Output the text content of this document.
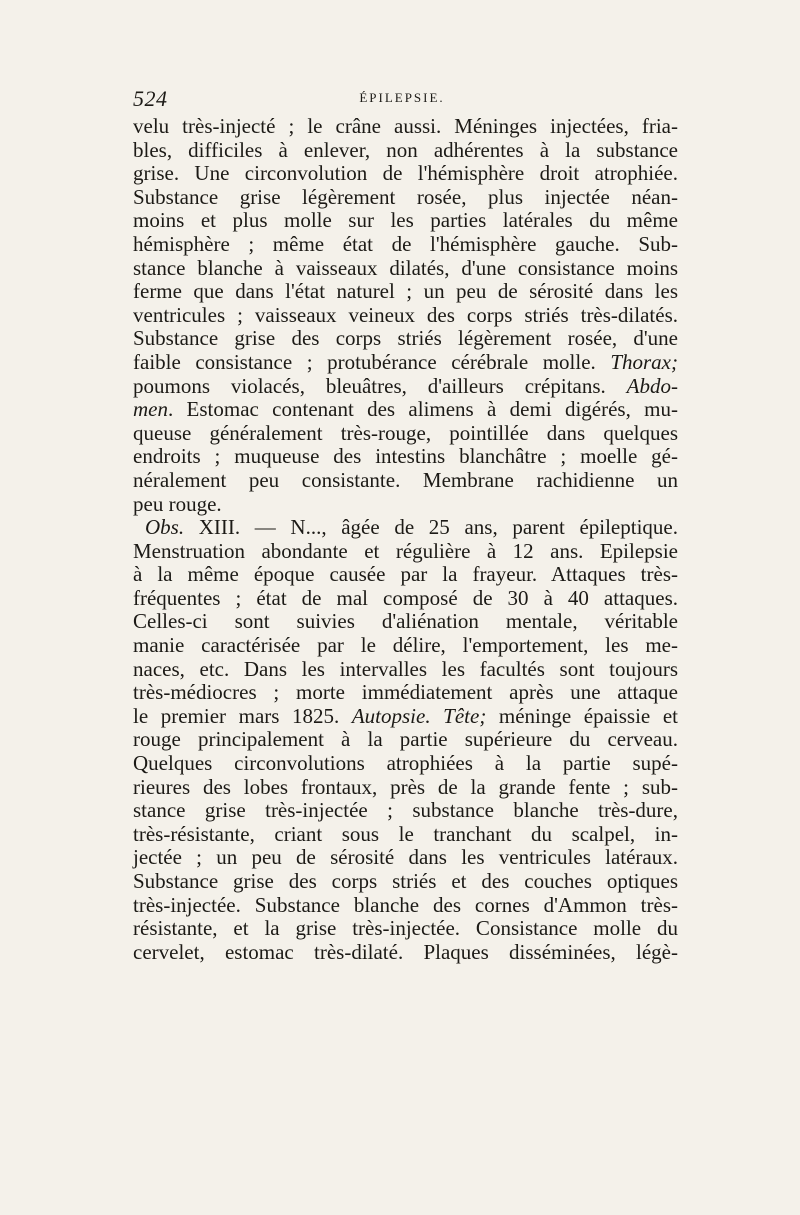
524	ÉPILEPSIE.
velu très-injecté ; le crâne aussi. Méninges injectées, fria-
bles, difficiles à enlever, non adhérentes à la substance
grise. Une circonvolution de l'hémisphère droit atrophiée.
Substance grise légèrement rosée, plus injectée néan-
moins et plus molle sur les parties latérales du même
hémisphère ; même état de l'hémisphère gauche. Sub-
stance blanche à vaisseaux dilatés, d'une consistance moins
ferme que dans l'état naturel ; un peu de sérosité dans les
ventricules ; vaisseaux veineux des corps striés très-dilatés.
Substance grise des corps striés légèrement rosée, d'une
faible consistance ; protubérance cérébrale molle. Thorax;
poumons violacés, bleuâtres, d'ailleurs crépitans. Abdo-
men. Estomac contenant des alimens à demi digérés, mu-
queuse généralement très-rouge, pointillée dans quelques
endroits ; muqueuse des intestins blanchâtre ; moelle gé-
néralement peu consistante. Membrane rachidienne un
peu rouge.
Obs. XIII. — N..., âgée de 25 ans, parent épileptique.
Menstruation abondante et régulière à 12 ans. Epilepsie
à la même époque causée par la frayeur. Attaques très-
fréquentes ; état de mal composé de 30 à 40 attaques.
Celles-ci sont suivies d'aliénation mentale, véritable
manie caractérisée par le délire, l'emportement, les me-
naces, etc. Dans les intervalles les facultés sont toujours
très-médiocres ; morte immédiatement après une attaque
le premier mars 1825. Autopsie. Tête; méninge épaissie et
rouge principalement à la partie supérieure du cerveau.
Quelques circonvolutions atrophiées à la partie supé-
rieures des lobes frontaux, près de la grande fente ; sub-
stance grise très-injectée ; substance blanche très-dure,
très-résistante, criant sous le tranchant du scalpel, in-
jectée ; un peu de sérosité dans les ventricules latéraux.
Substance grise des corps striés et des couches optiques
très-injectée. Substance blanche des cornes d'Ammon très-
résistante, et la grise très-injectée. Consistance molle du
cervelet, estomac très-dilaté. Plaques disséminées, légè-
